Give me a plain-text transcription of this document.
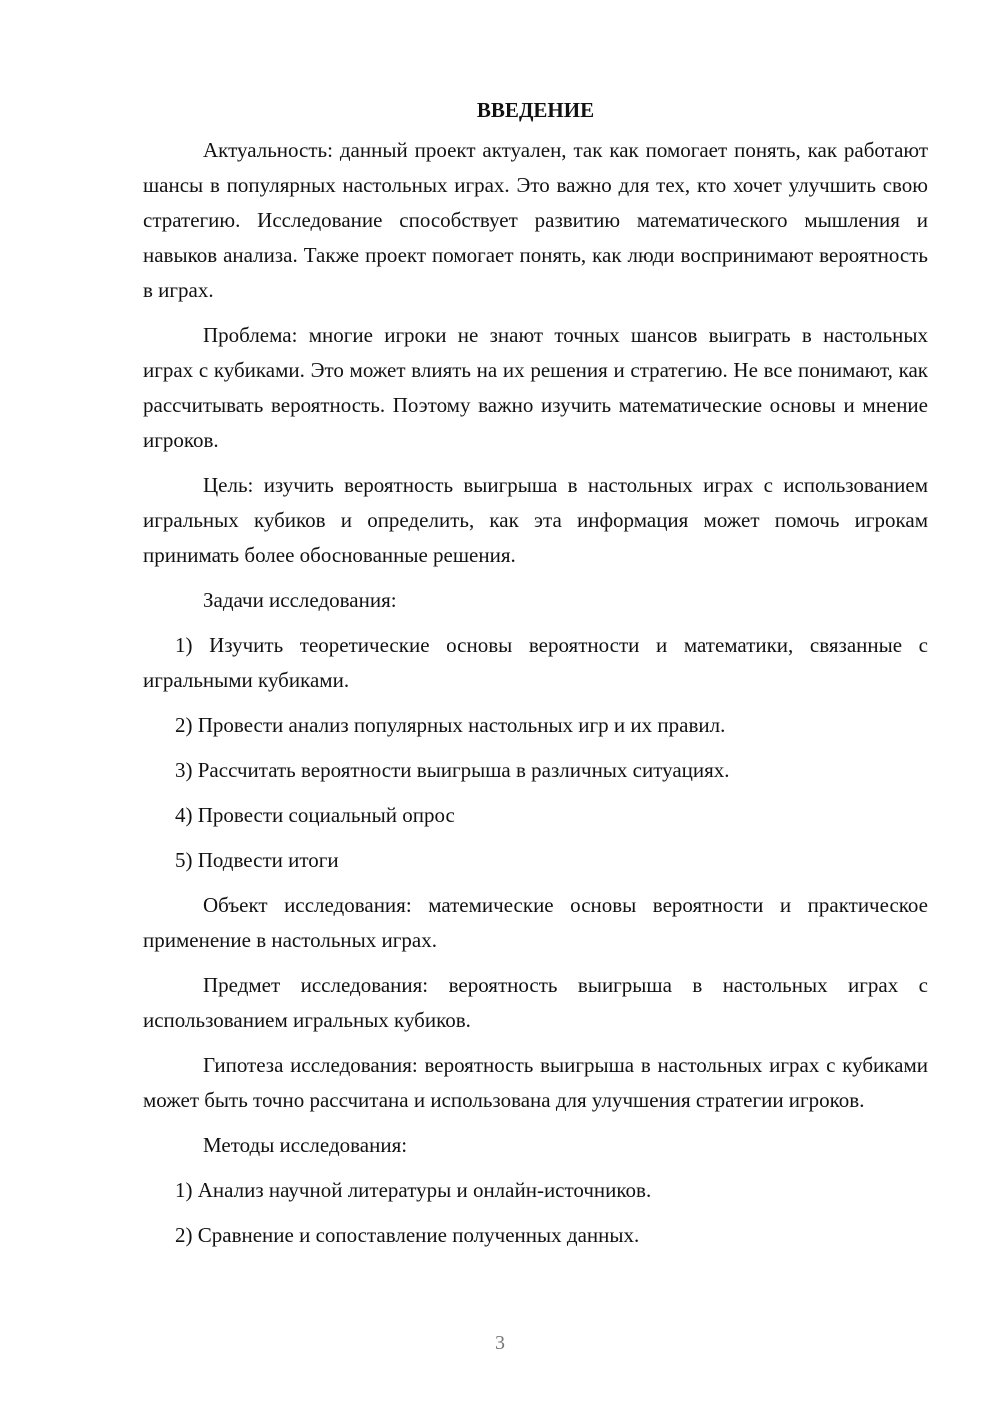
ВВЕДЕНИЕ

Актуальность: данный проект актуален, так как помогает понять, как работают шансы в популярных настольных играх. Это важно для тех, кто хочет улучшить свою стратегию. Исследование способствует развитию математического мышления и навыков анализа. Также проект помогает понять, как люди воспринимают вероятность в играх.

Проблема: многие игроки не знают точных шансов выиграть в настольных играх с кубиками. Это может влиять на их решения и стратегию. Не все понимают, как рассчитывать вероятность. Поэтому важно изучить математические основы и мнение игроков.

Цель: изучить вероятность выигрыша в настольных играх с использованием игральных кубиков и определить, как эта информация может помочь игрокам принимать более обоснованные решения.

Задачи исследования:

1) Изучить теоретические основы вероятности и математики, связанные с игральными кубиками.

2) Провести анализ популярных настольных игр и их правил.

3) Рассчитать вероятности выигрыша в различных ситуациях.

4) Провести социальный опрос

5) Подвести итоги

Объект исследования: матемические основы вероятности и практическое применение в настольных играх.

Предмет исследования: вероятность выигрыша в настольных играх с использованием игральных кубиков.

Гипотеза исследования: вероятность выигрыша в настольных играх с кубиками может быть точно рассчитана и использована для улучшения стратегии игроков.

Методы исследования:

1) Анализ научной литературы и онлайн-источников.

2) Сравнение и сопоставление полученных данных.

3
